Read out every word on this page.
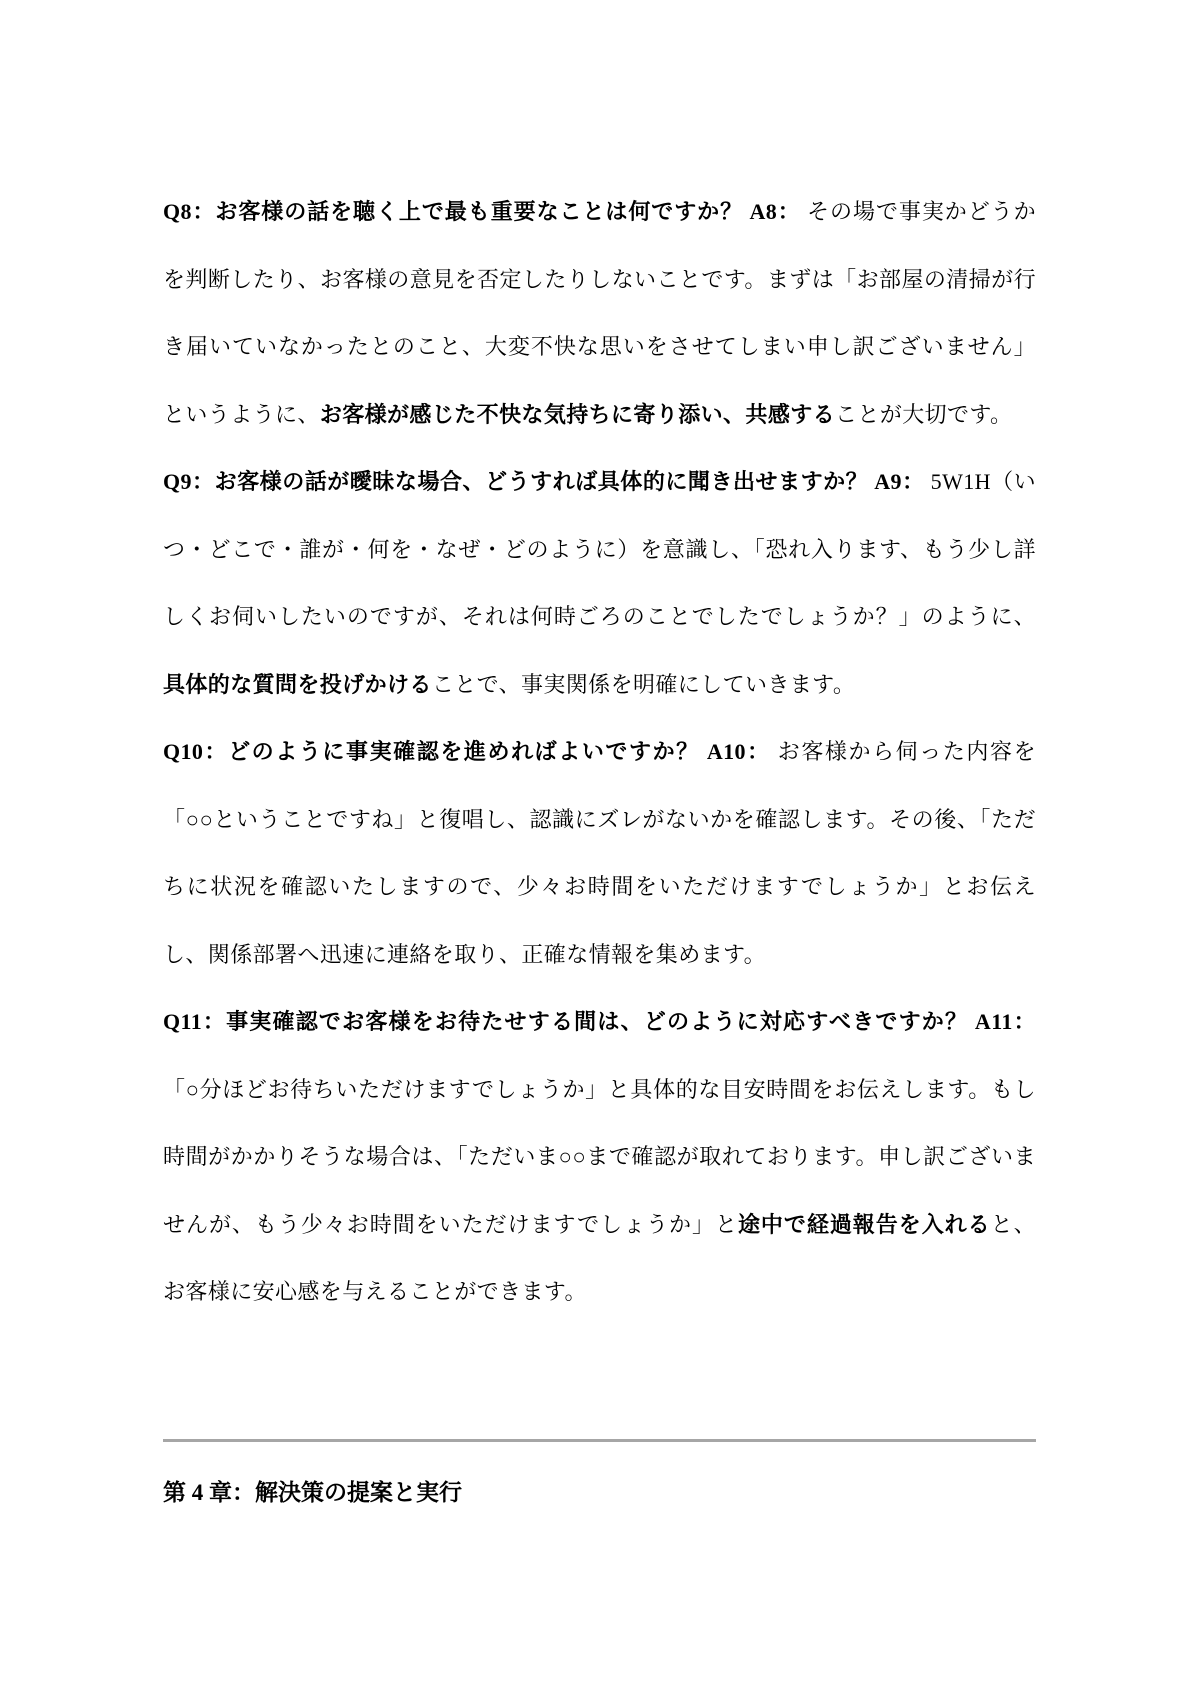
Q8：お客様の話を聴く上で最も重要なことは何ですか？ A8： その場で事実かどうかを判断したり、お客様の意見を否定したりしないことです。まずは「お部屋の清掃が行き届いていなかったとのこと、大変不快な思いをさせてしまい申し訳ございません」というように、お客様が感じた不快な気持ちに寄り添い、共感することが大切です。

Q9：お客様の話が曖昧な場合、どうすれば具体的に聞き出せますか？ A9： 5W1H（いつ・どこで・誰が・何を・なぜ・どのように）を意識し、「恐れ入ります、もう少し詳しくお伺いしたいのですが、それは何時ごろのことでしたでしょうか？」のように、具体的な質問を投げかけることで、事実関係を明確にしていきます。

Q10：どのように事実確認を進めればよいですか？ A10： お客様から伺った内容を「○○ということですね」と復唱し、認識にズレがないかを確認します。その後、「ただちに状況を確認いたしますので、少々お時間をいただけますでしょうか」とお伝えし、関係部署へ迅速に連絡を取り、正確な情報を集めます。

Q11：事実確認でお客様をお待たせする間は、どのように対応すべきですか？ A11： 「○分ほどお待ちいただけますでしょうか」と具体的な目安時間をお伝えします。もし時間がかかりそうな場合は、「ただいま○○まで確認が取れております。申し訳ございませんが、もう少々お時間をいただけますでしょうか」と途中で経過報告を入れると、お客様に安心感を与えることができます。

第 4 章：解決策の提案と実行
